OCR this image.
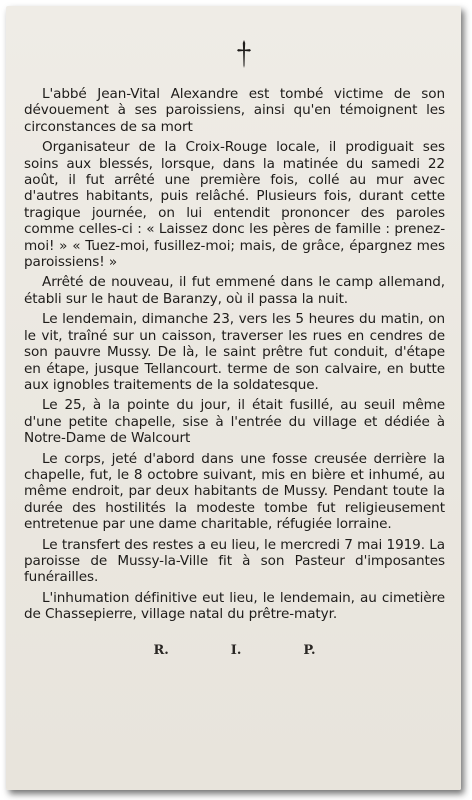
L'abbé Jean-Vital Alexandre est tombé victime de son dévouement à ses paroissiens, ainsi qu'en témoignent les circonstances de sa mort

Organisateur de la Croix-Rouge locale, il prodiguait ses soins aux blessés, lorsque, dans la matinée du samedi 22 août, il fut arrêté une première fois, collé au mur avec d'autres habitants, puis relâché. Plusieurs fois, durant cette tragique journée, on lui entendit prononcer des paroles comme celles-ci : « Laissez donc les pères de famille : prenez-moi! » « Tuez-moi, fusillez-moi; mais, de grâce, épargnez mes paroissiens! »

Arrêté de nouveau, il fut emmené dans le camp allemand, établi sur le haut de Baranzy, où il passa la nuit.

Le lendemain, dimanche 23, vers les 5 heures du matin, on le vit, traîné sur un caisson, traverser les rues en cendres de son pauvre Mussy. De là, le saint prêtre fut conduit, d'étape en étape, jusque Tellancourt. terme de son calvaire, en butte aux ignobles traitements de la soldatesque.

Le 25, à la pointe du jour, il était fusillé, au seuil même d'une petite chapelle, sise à l'entrée du village et dédiée à Notre-Dame de Walcourt

Le corps, jeté d'abord dans une fosse creusée derrière la chapelle, fut, le 8 octobre suivant, mis en bière et inhumé, au même endroit, par deux habitants de Mussy. Pendant toute la durée des hostilités la modeste tombe fut religieusement entretenue par une dame charitable, réfugiée lorraine.

Le transfert des restes a eu lieu, le mercredi 7 mai 1919. La paroisse de Mussy-la-Ville fit à son Pasteur d'imposantes funérailles.

L'inhumation définitive eut lieu, le lendemain, au cimetière de Chassepierre, village natal du prêtre-matyr.

R.	I.	P.
